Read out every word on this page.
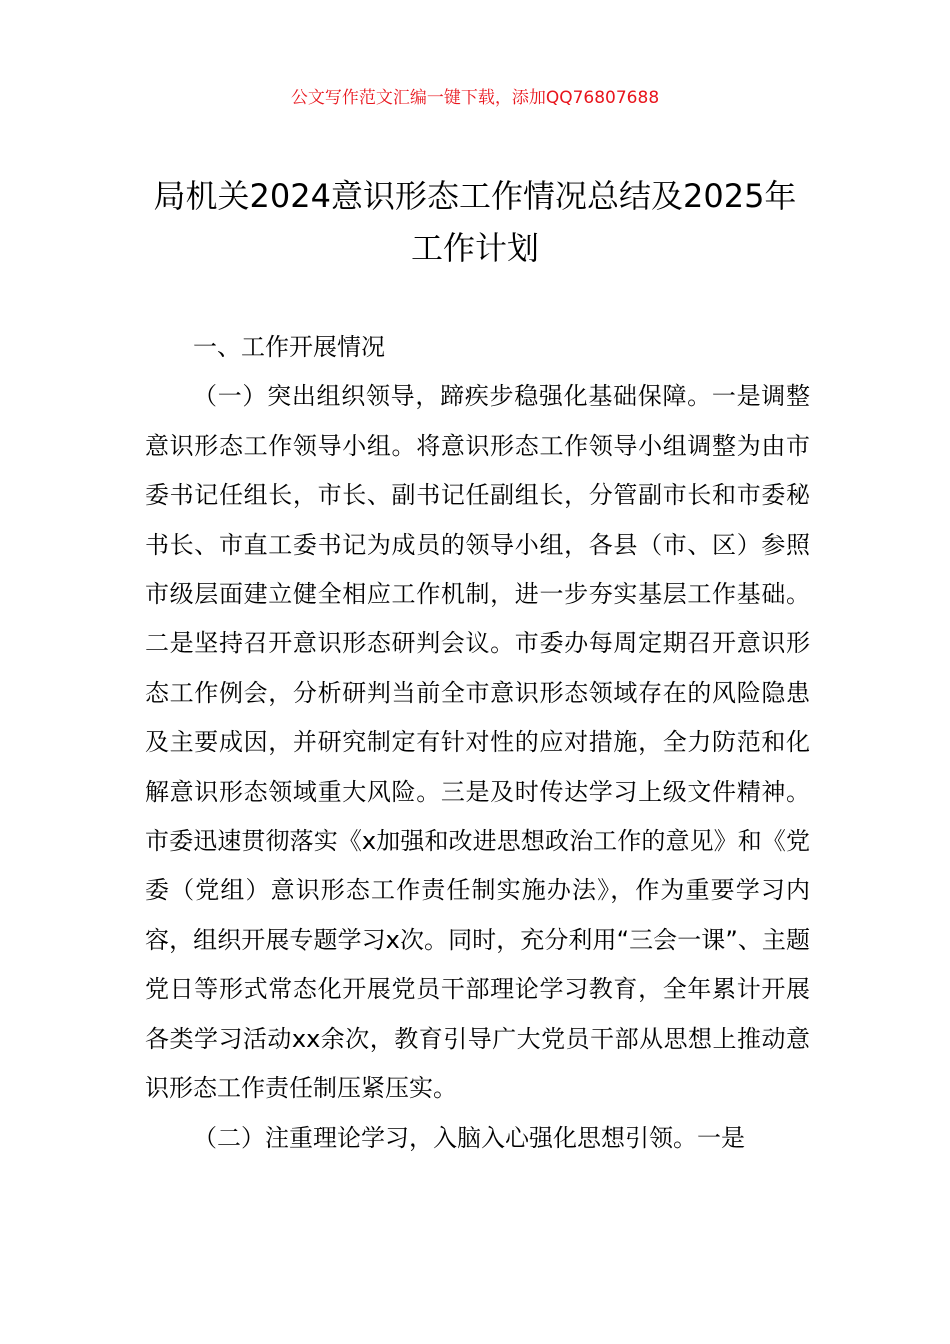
公文写作范文汇编一键下载，添加QQ76807688
局机关2024意识形态工作情况总结及2025年工作计划

一、工作开展情况

（一）突出组织领导，蹄疾步稳强化基础保障。一是调整意识形态工作领导小组。将意识形态工作领导小组调整为由市委书记任组长，市长、副书记任副组长，分管副市长和市委秘书长、市直工委书记为成员的领导小组，各县（市、区）参照市级层面建立健全相应工作机制，进一步夯实基层工作基础。二是坚持召开意识形态研判会议。市委办每周定期召开意识形态工作例会，分析研判当前全市意识形态领域存在的风险隐患及主要成因，并研究制定有针对性的应对措施，全力防范和化解意识形态领域重大风险。三是及时传达学习上级文件精神。市委迅速贯彻落实《x加强和改进思想政治工作的意见》和《党委（党组）意识形态工作责任制实施办法》，作为重要学习内容，组织开展专题学习x次。同时，充分利用“三会一课”、主题党日等形式常态化开展党员干部理论学习教育，全年累计开展各类学习活动xx余次，教育引导广大党员干部从思想上推动意识形态工作责任制压紧压实。

（二）注重理论学习，入脑入心强化思想引领。一是
